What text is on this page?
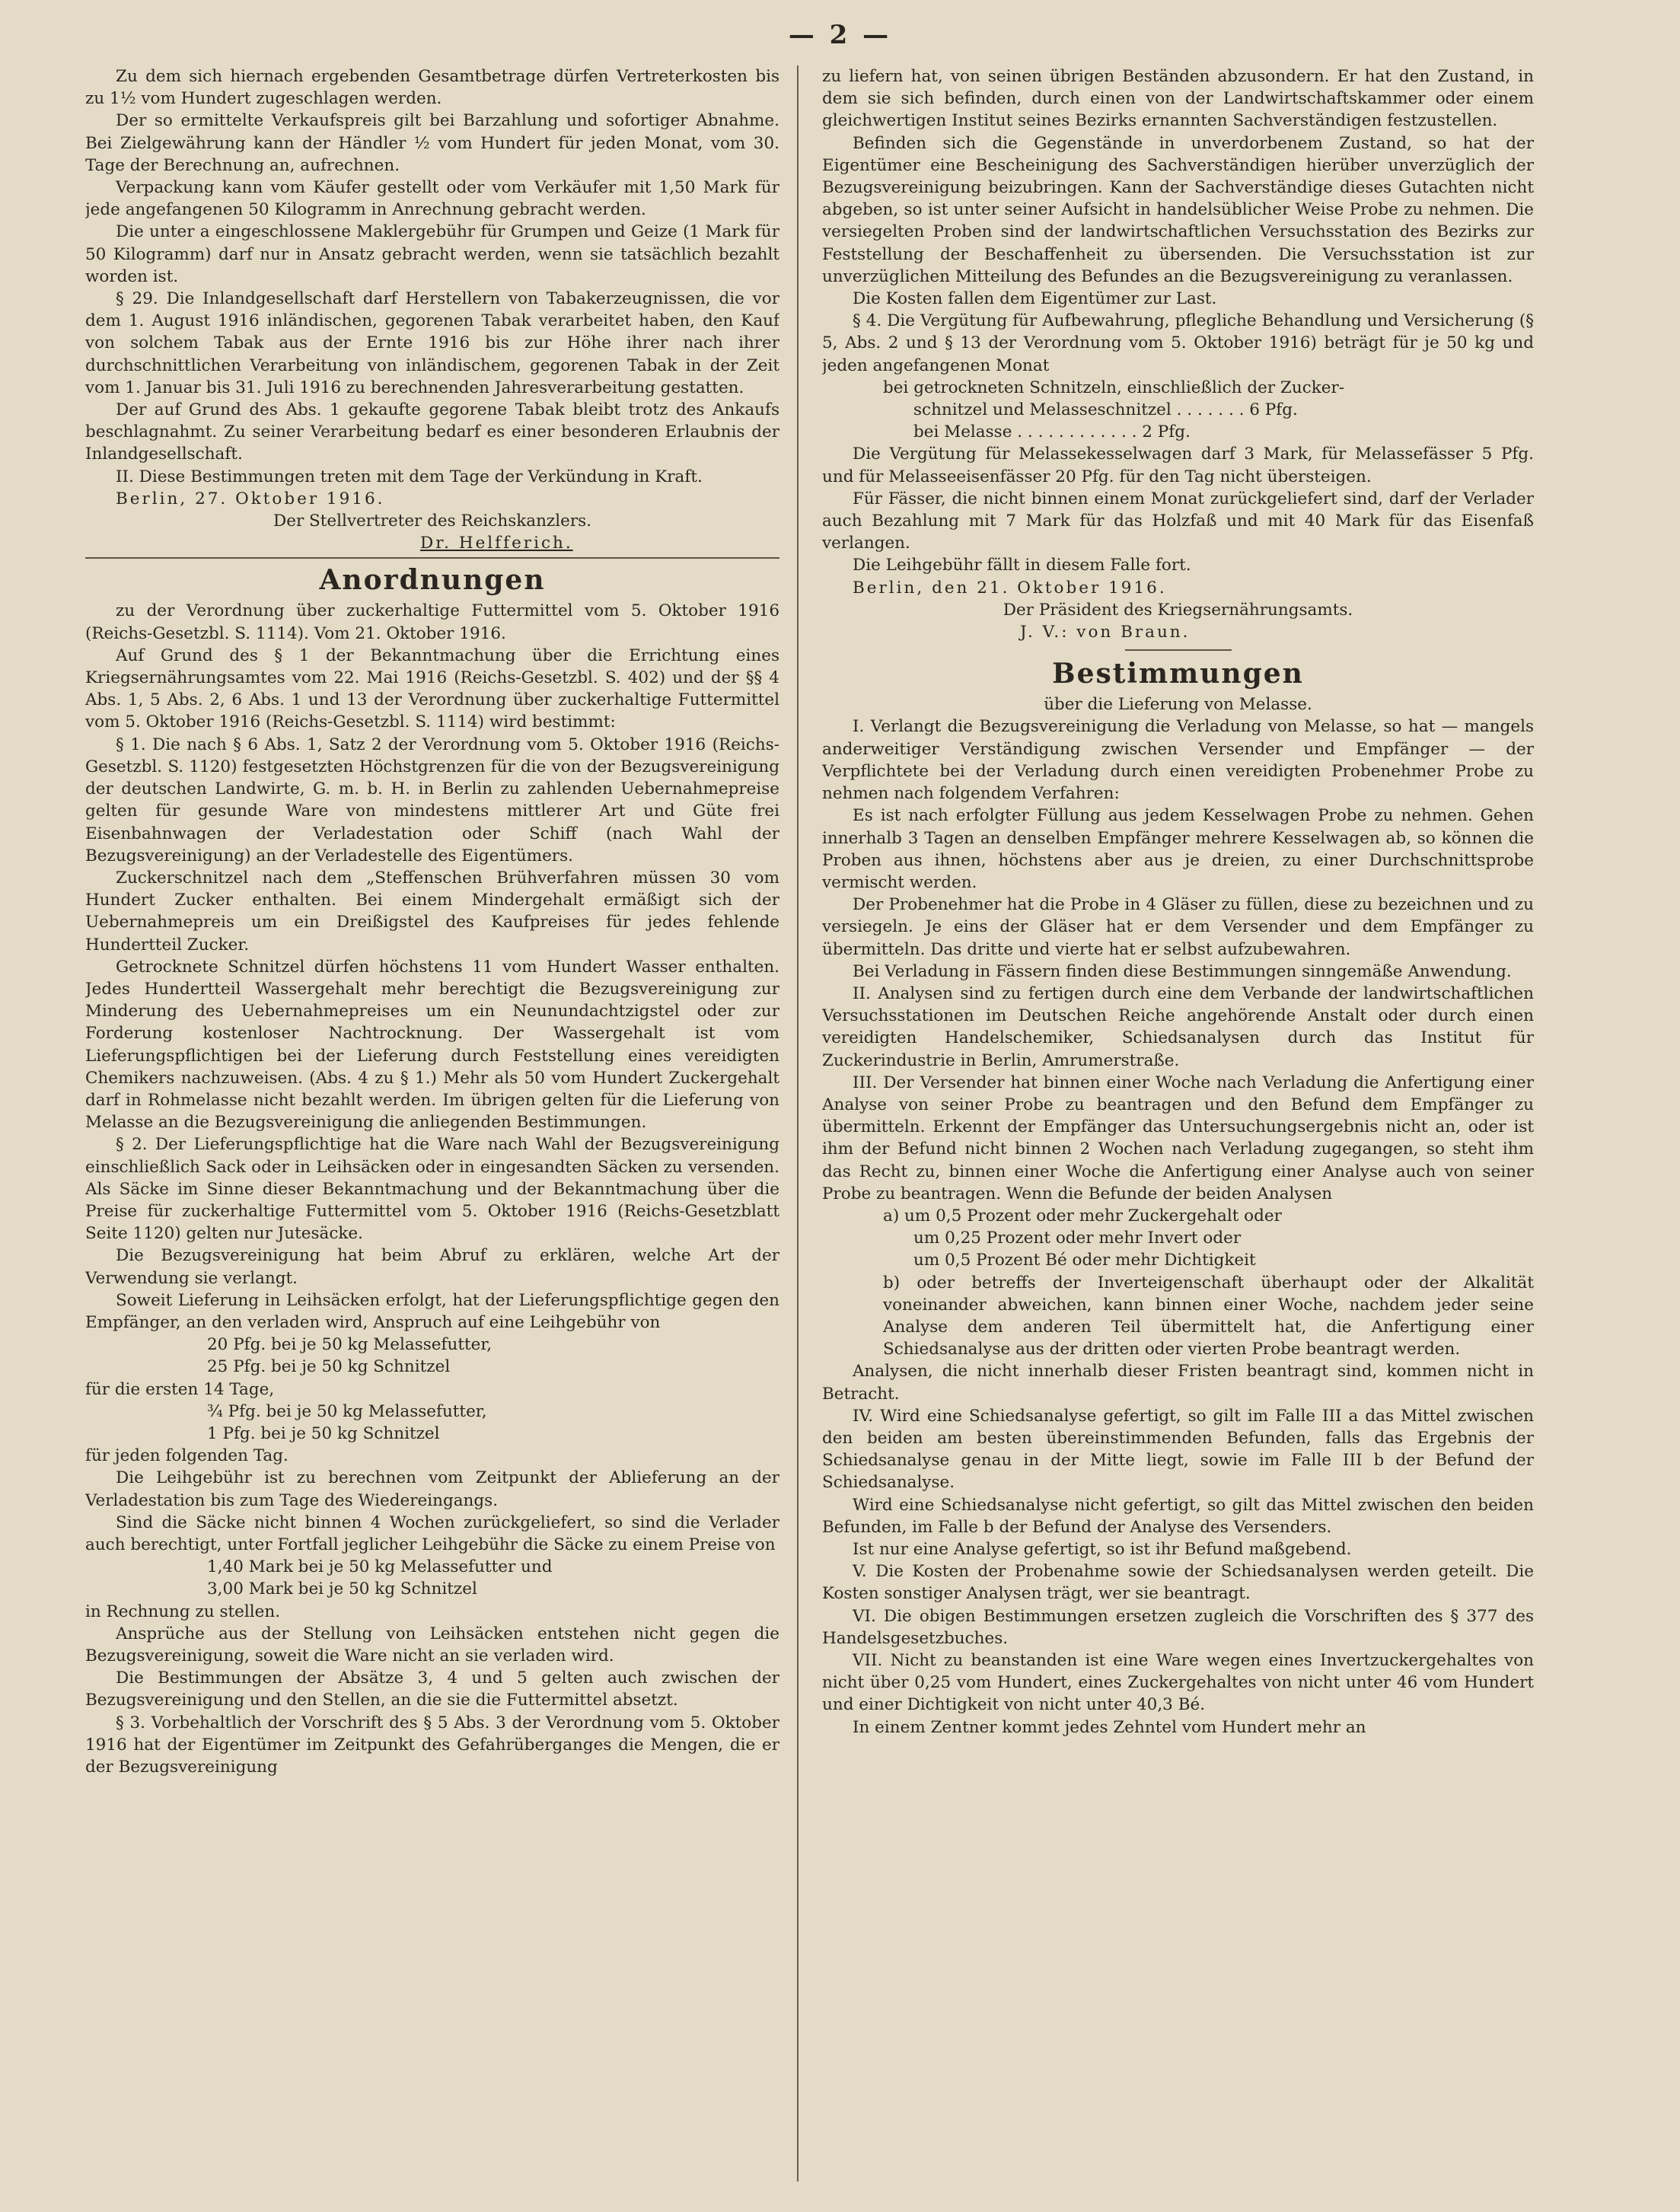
— 2 —

Zu dem sich hiernach ergebenden Gesamtbetrage dürfen Vertreterkosten bis zu 1½ vom Hundert zugeschlagen werden.

Der so ermittelte Verkaufspreis gilt bei Barzahlung und sofortiger Abnahme. Bei Zielgewährung kann der Händler ½ vom Hundert für jeden Monat, vom 30. Tage der Berechnung an, aufrechnen.

Verpackung kann vom Käufer gestellt oder vom Verkäufer mit 1,50 Mark für jede angefangenen 50 Kilogramm in Anrechnung gebracht werden.

Die unter a eingeschlossene Maklergebühr für Grumpen und Geize (1 Mark für 50 Kilogramm) darf nur in Ansatz gebracht werden, wenn sie tatsächlich bezahlt worden ist.

§ 29. Die Inlandgesellschaft darf Herstellern von Tabakerzeugnissen, die vor dem 1. August 1916 inländischen, gegorenen Tabak verarbeitet haben, den Kauf von solchem Tabak aus der Ernte 1916 bis zur Höhe ihrer nach ihrer durchschnittlichen Verarbeitung von inländischem, gegorenen Tabak in der Zeit vom 1. Januar bis 31. Juli 1916 zu berechnenden Jahresverarbeitung gestatten.

Der auf Grund des Abs. 1 gekaufte gegorene Tabak bleibt trotz des Ankaufs beschlagnahmt. Zu seiner Verarbeitung bedarf es einer besonderen Erlaubnis der Inlandgesellschaft.

II. Diese Bestimmungen treten mit dem Tage der Verkündung in Kraft.

Berlin, 27. Oktober 1916.

Der Stellvertreter des Reichskanzlers.

Dr. Helfferich.

Anordnungen

zu der Verordnung über zuckerhaltige Futtermittel vom 5. Oktober 1916 (Reichs-Gesetzbl. S. 1114). Vom 21. Oktober 1916.

Auf Grund des § 1 der Bekanntmachung über die Errichtung eines Kriegsernährungsamtes vom 22. Mai 1916 (Reichs-Gesetzbl. S. 402) und der §§ 4 Abs. 1, 5 Abs. 2, 6 Abs. 1 und 13 der Verordnung über zuckerhaltige Futtermittel vom 5. Oktober 1916 (Reichs-Gesetzbl. S. 1114) wird bestimmt:

§ 1. Die nach § 6 Abs. 1, Satz 2 der Verordnung vom 5. Oktober 1916 (Reichs-Gesetzbl. S. 1120) festgesetzten Höchstgrenzen für die von der Bezugsvereinigung der deutschen Landwirte, G. m. b. H. in Berlin zu zahlenden Uebernahmepreise gelten für gesunde Ware von mindestens mittlerer Art und Güte frei Eisenbahnwagen der Verladestation oder Schiff (nach Wahl der Bezugsvereinigung) an der Verladestelle des Eigentümers.

Zuckerschnitzel nach dem „Steffenschen Brühverfahren müssen 30 vom Hundert Zucker enthalten. Bei einem Mindergehalt ermäßigt sich der Uebernahmepreis um ein Dreißigstel des Kaufpreises für jedes fehlende Hundertteil Zucker.

Getrocknete Schnitzel dürfen höchstens 11 vom Hundert Wasser enthalten. Jedes Hundertteil Wassergehalt mehr berechtigt die Bezugsvereinigung zur Minderung des Uebernahmepreises um ein Neunundachtzigstel oder zur Forderung kostenloser Nachtrocknung. Der Wassergehalt ist vom Lieferungspflichtigen bei der Lieferung durch Feststellung eines vereidigten Chemikers nachzuweisen. (Abs. 4 zu § 1.) Mehr als 50 vom Hundert Zuckergehalt darf in Rohmelasse nicht bezahlt werden. Im übrigen gelten für die Lieferung von Melasse an die Bezugsvereinigung die anliegenden Bestimmungen.

§ 2. Der Lieferungspflichtige hat die Ware nach Wahl der Bezugsvereinigung einschließlich Sack oder in Leihsäcken oder in eingesandten Säcken zu versenden. Als Säcke im Sinne dieser Bekanntmachung und der Bekanntmachung über die Preise für zuckerhaltige Futtermittel vom 5. Oktober 1916 (Reichs-Gesetzblatt Seite 1120) gelten nur Jutesäcke.

Die Bezugsvereinigung hat beim Abruf zu erklären, welche Art der Verwendung sie verlangt.

Soweit Lieferung in Leihsäcken erfolgt, hat der Lieferungspflichtige gegen den Empfänger, an den verladen wird, Anspruch auf eine Leihgebühr von

20 Pfg. bei je 50 kg Melassefutter,

25 Pfg. bei je 50 kg Schnitzel

für die ersten 14 Tage,

¾ Pfg. bei je 50 kg Melassefutter,

1 Pfg. bei je 50 kg Schnitzel

für jeden folgenden Tag.

Die Leihgebühr ist zu berechnen vom Zeitpunkt der Ablieferung an der Verladestation bis zum Tage des Wiedereingangs.

Sind die Säcke nicht binnen 4 Wochen zurückgeliefert, so sind die Verlader auch berechtigt, unter Fortfall jeglicher Leihgebühr die Säcke zu einem Preise von

1,40 Mark bei je 50 kg Melassefutter und

3,00 Mark bei je 50 kg Schnitzel

in Rechnung zu stellen.

Ansprüche aus der Stellung von Leihsäcken entstehen nicht gegen die Bezugsvereinigung, soweit die Ware nicht an sie verladen wird.

Die Bestimmungen der Absätze 3, 4 und 5 gelten auch zwischen der Bezugsvereinigung und den Stellen, an die sie die Futtermittel absetzt.

§ 3. Vorbehaltlich der Vorschrift des § 5 Abs. 3 der Verordnung vom 5. Oktober 1916 hat der Eigentümer im Zeitpunkt des Gefahrüberganges die Mengen, die er der Bezugsvereinigung

zu liefern hat, von seinen übrigen Beständen abzusondern. Er hat den Zustand, in dem sie sich befinden, durch einen von der Landwirtschaftskammer oder einem gleichwertigen Institut seines Bezirks ernannten Sachverständigen festzustellen.

Befinden sich die Gegenstände in unverdorbenem Zustand, so hat der Eigentümer eine Bescheinigung des Sachverständigen hierüber unverzüglich der Bezugsvereinigung beizubringen. Kann der Sachverständige dieses Gutachten nicht abgeben, so ist unter seiner Aufsicht in handelsüblicher Weise Probe zu nehmen. Die versiegelten Proben sind der landwirtschaftlichen Versuchsstation des Bezirks zur Feststellung der Beschaffenheit zu übersenden. Die Versuchsstation ist zur unverzüglichen Mitteilung des Befundes an die Bezugsvereinigung zu veranlassen.

Die Kosten fallen dem Eigentümer zur Last.

§ 4. Die Vergütung für Aufbewahrung, pflegliche Behandlung und Versicherung (§ 5, Abs. 2 und § 13 der Verordnung vom 5. Oktober 1916) beträgt für je 50 kg und jeden angefangenen Monat

bei getrockneten Schnitzeln, einschließlich der Zucker-

schnitzel und Melasseschnitzel . . . . . . . 6 Pfg.

bei Melasse . . . . . . . . . . . . 2 Pfg.

Die Vergütung für Melassekesselwagen darf 3 Mark, für Melassefässer 5 Pfg. und für Melasseeisenfässer 20 Pfg. für den Tag nicht übersteigen.

Für Fässer, die nicht binnen einem Monat zurückgeliefert sind, darf der Verlader auch Bezahlung mit 7 Mark für das Holzfaß und mit 40 Mark für das Eisenfaß verlangen.

Die Leihgebühr fällt in diesem Falle fort.

Berlin, den 21. Oktober 1916.

Der Präsident des Kriegsernährungsamts.

J. V.: von Braun.

Bestimmungen

über die Lieferung von Melasse.

I. Verlangt die Bezugsvereinigung die Verladung von Melasse, so hat — mangels anderweitiger Verständigung zwischen Versender und Empfänger — der Verpflichtete bei der Verladung durch einen vereidigten Probenehmer Probe zu nehmen nach folgendem Verfahren:

Es ist nach erfolgter Füllung aus jedem Kesselwagen Probe zu nehmen. Gehen innerhalb 3 Tagen an denselben Empfänger mehrere Kesselwagen ab, so können die Proben aus ihnen, höchstens aber aus je dreien, zu einer Durchschnittsprobe vermischt werden.

Der Probenehmer hat die Probe in 4 Gläser zu füllen, diese zu bezeichnen und zu versiegeln. Je eins der Gläser hat er dem Versender und dem Empfänger zu übermitteln. Das dritte und vierte hat er selbst aufzubewahren.

Bei Verladung in Fässern finden diese Bestimmungen sinngemäße Anwendung.

II. Analysen sind zu fertigen durch eine dem Verbande der landwirtschaftlichen Versuchsstationen im Deutschen Reiche angehörende Anstalt oder durch einen vereidigten Handelschemiker, Schiedsanalysen durch das Institut für Zuckerindustrie in Berlin, Amrumerstraße.

III. Der Versender hat binnen einer Woche nach Verladung die Anfertigung einer Analyse von seiner Probe zu beantragen und den Befund dem Empfänger zu übermitteln. Erkennt der Empfänger das Untersuchungsergebnis nicht an, oder ist ihm der Befund nicht binnen 2 Wochen nach Verladung zugegangen, so steht ihm das Recht zu, binnen einer Woche die Anfertigung einer Analyse auch von seiner Probe zu beantragen. Wenn die Befunde der beiden Analysen

a) um 0,5 Prozent oder mehr Zuckergehalt oder

um 0,25 Prozent oder mehr Invert oder

um 0,5 Prozent Bé oder mehr Dichtigkeit

b) oder betreffs der Inverteigenschaft überhaupt oder der Alkalität voneinander abweichen, kann binnen einer Woche, nachdem jeder seine Analyse dem anderen Teil übermittelt hat, die Anfertigung einer Schiedsanalyse aus der dritten oder vierten Probe beantragt werden.

Analysen, die nicht innerhalb dieser Fristen beantragt sind, kommen nicht in Betracht.

IV. Wird eine Schiedsanalyse gefertigt, so gilt im Falle III a das Mittel zwischen den beiden am besten übereinstimmenden Befunden, falls das Ergebnis der Schiedsanalyse genau in der Mitte liegt, sowie im Falle III b der Befund der Schiedsanalyse.

Wird eine Schiedsanalyse nicht gefertigt, so gilt das Mittel zwischen den beiden Befunden, im Falle b der Befund der Analyse des Versenders.

Ist nur eine Analyse gefertigt, so ist ihr Befund maßgebend.

V. Die Kosten der Probenahme sowie der Schiedsanalysen werden geteilt. Die Kosten sonstiger Analysen trägt, wer sie beantragt.

VI. Die obigen Bestimmungen ersetzen zugleich die Vorschriften des § 377 des Handelsgesetzbuches.

VII. Nicht zu beanstanden ist eine Ware wegen eines Invertzuckergehaltes von nicht über 0,25 vom Hundert, eines Zuckergehaltes von nicht unter 46 vom Hundert und einer Dichtigkeit von nicht unter 40,3 Bé.

In einem Zentner kommt jedes Zehntel vom Hundert mehr an
